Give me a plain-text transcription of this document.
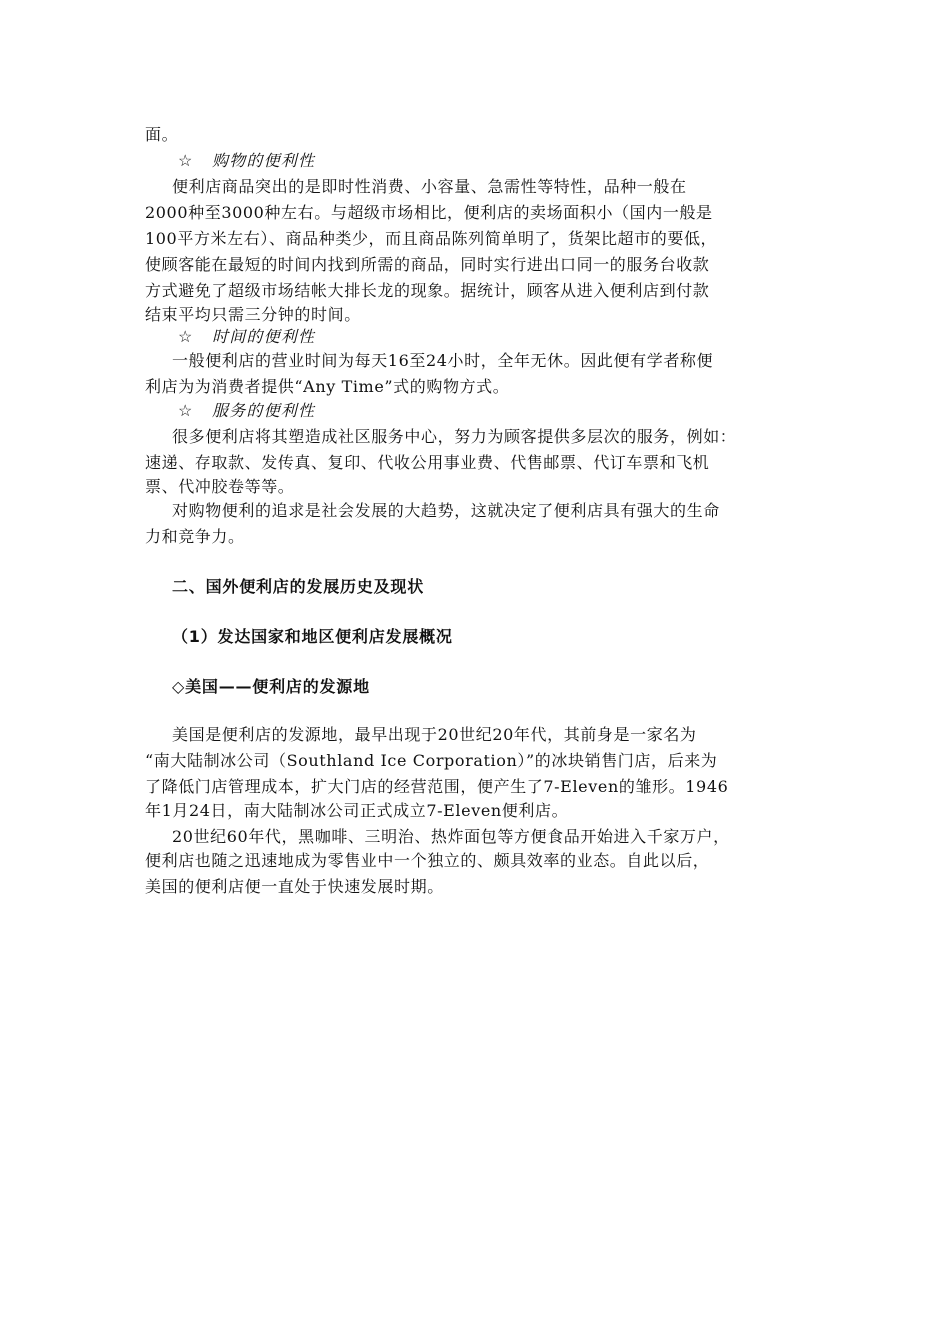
面。
☆ 购物的便利性
便利店商品突出的是即时性消费、小容量、急需性等特性，品种一般在
2000种至3000种左右。与超级市场相比，便利店的卖场面积小（国内一般是
100平方米左右）、商品种类少，而且商品陈列简单明了，货架比超市的要低，
使顾客能在最短的时间内找到所需的商品，同时实行进出口同一的服务台收款
方式避免了超级市场结帐大排长龙的现象。据统计，顾客从进入便利店到付款
结束平均只需三分钟的时间。
☆ 时间的便利性
一般便利店的营业时间为每天16至24小时，全年无休。因此便有学者称便
利店为为消费者提供“Any Time”式的购物方式。
☆ 服务的便利性
很多便利店将其塑造成社区服务中心，努力为顾客提供多层次的服务，例如：
速递、存取款、发传真、复印、代收公用事业费、代售邮票、代订车票和飞机
票、代冲胶卷等等。
对购物便利的追求是社会发展的大趋势，这就决定了便利店具有强大的生命
力和竞争力。
二、国外便利店的发展历史及现状
（1）发达国家和地区便利店发展概况
◇美国——便利店的发源地
美国是便利店的发源地，最早出现于20世纪20年代，其前身是一家名为
“南大陆制冰公司（Southland Ice Corporation）”的冰块销售门店，后来为
了降低门店管理成本，扩大门店的经营范围，便产生了7-Eleven的雏形。1946
年1月24日，南大陆制冰公司正式成立7-Eleven便利店。
20世纪60年代，黑咖啡、三明治、热炸面包等方便食品开始进入千家万户，
便利店也随之迅速地成为零售业中一个独立的、颇具效率的业态。自此以后，
美国的便利店便一直处于快速发展时期。
